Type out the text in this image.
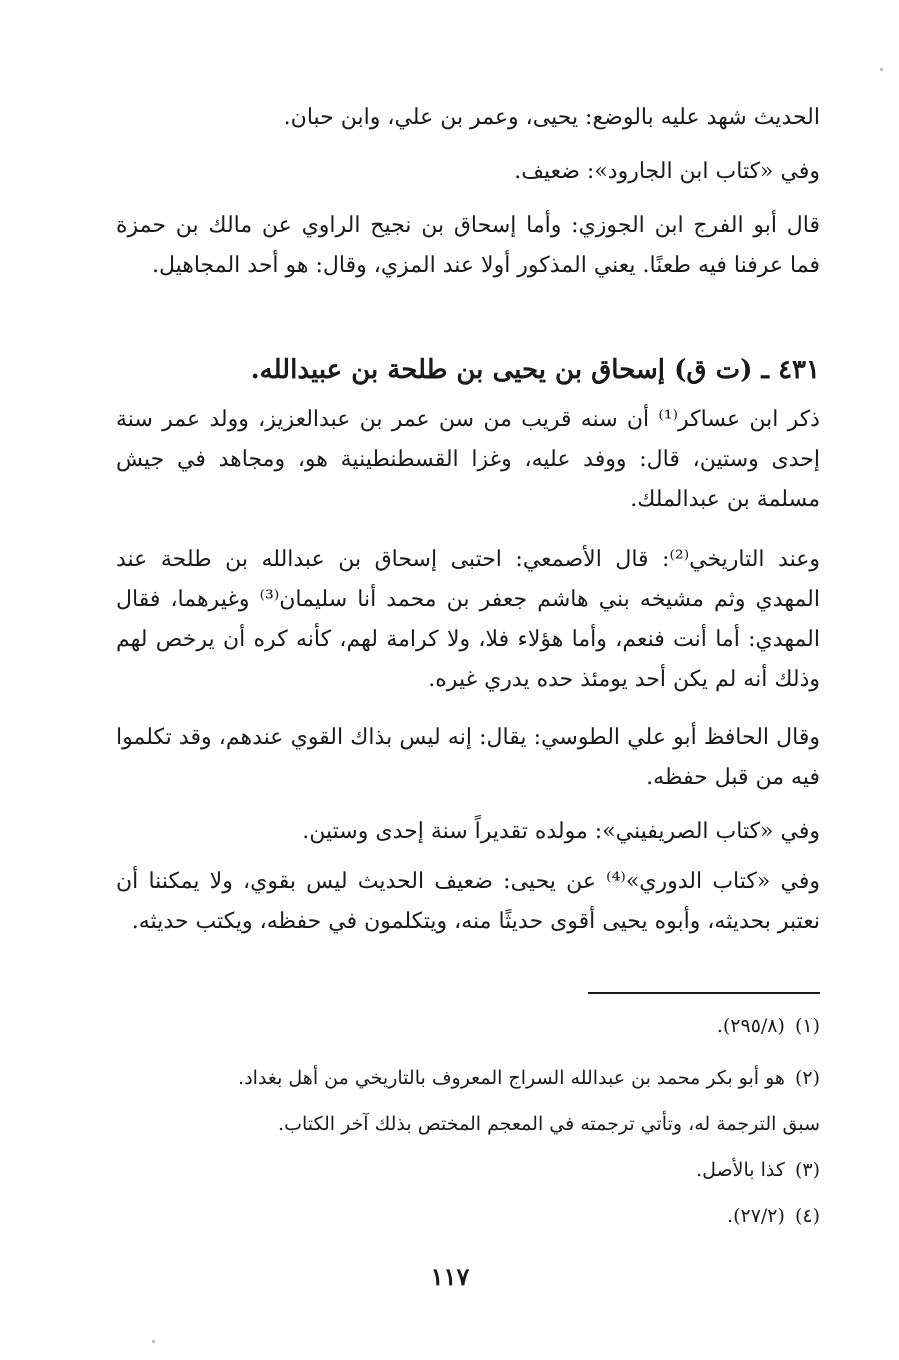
الحديث شهد عليه بالوضع: يحيى، وعمر بن علي، وابن حبان.

وفي «كتاب ابن الجارود»: ضعيف.

قال أبو الفرج ابن الجوزي: وأما إسحاق بن نجيح الراوي عن مالك بن حمزة فما عرفنا فيه طعنًا. يعني المذكور أولا عند المزي، وقال: هو أحد المجاهيل.

٤٣١ ـ (ت ق) إسحاق بن يحيى بن طلحة بن عبيدالله.

ذكر ابن عساكر⁽¹⁾ أن سنه قريب من سن عمر بن عبدالعزيز، وولد عمر سنة إحدى وستين، قال: ووفد عليه، وغزا القسطنطينية هو، ومجاهد في جيش مسلمة بن عبدالملك.

وعند التاريخي⁽²⁾: قال الأصمعي: احتبى إسحاق بن عبدالله بن طلحة عند المهدي وثم مشيخه بني هاشم جعفر بن محمد أنا سليمان⁽³⁾ وغيرهما، فقال المهدي: أما أنت فنعم، وأما هؤلاء فلا، ولا كرامة لهم، كأنه كره أن يرخص لهم وذلك أنه لم يكن أحد يومئذ حده يدري غيره.

وقال الحافظ أبو علي الطوسي: يقال: إنه ليس بذاك القوي عندهم، وقد تكلموا فيه من قبل حفظه.

وفي «كتاب الصريفيني»: مولده تقديراً سنة إحدى وستين.

وفي «كتاب الدوري»⁽⁴⁾ عن يحيى: ضعيف الحديث ليس بقوي، ولا يمكننا أن نعتبر بحديثه، وأبوه يحيى أقوى حديثًا منه، ويتكلمون في حفظه، ويكتب حديثه.

(١)(٢٩٥/٨).
(٢)هو أبو بكر محمد بن عبدالله السراج المعروف بالتاريخي من أهل بغداد.
سبق الترجمة له، وتأتي ترجمته في المعجم المختص بذلك آخر الكتاب.
(٣)كذا بالأصل.
(٤)(٢٧/٢).
١١٧
